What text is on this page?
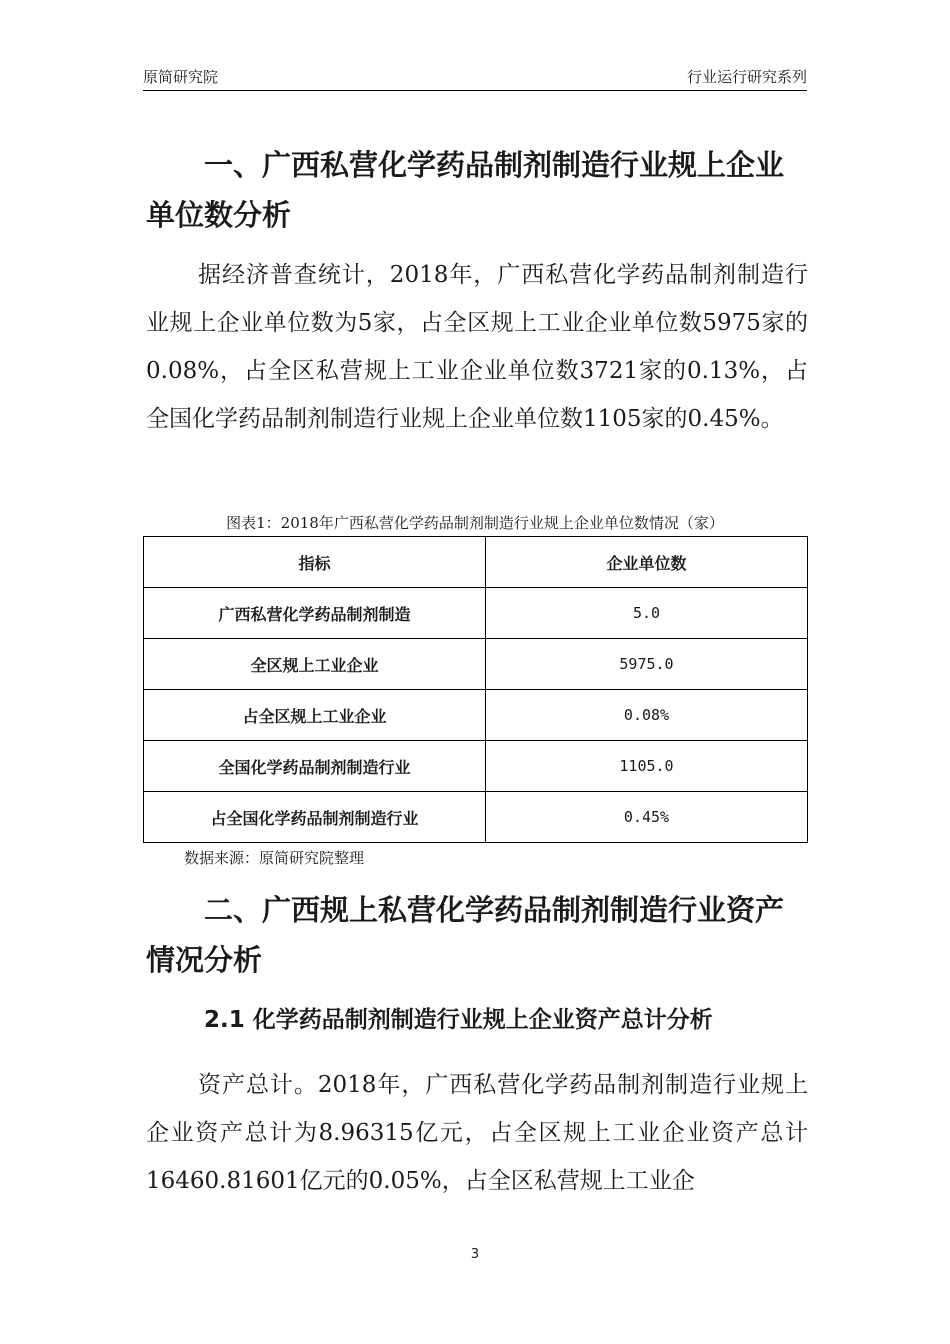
原简研究院	行业运行研究系列
一、广西私营化学药品制剂制造行业规上企业单位数分析

据经济普查统计，2018年，广西私营化学药品制剂制造行业规上企业单位数为5家，占全区规上工业企业单位数5975家的0.08%，占全区私营规上工业企业单位数3721家的0.13%，占全国化学药品制剂制造行业规上企业单位数1105家的0.45%。

图表1：2018年广西私营化学药品制剂制造行业规上企业单位数情况（家）

指标	企业单位数
广西私营化学药品制剂制造	5.0
全区规上工业企业	5975.0
占全区规上工业企业	0.08%
全国化学药品制剂制造行业	1105.0
占全国化学药品制剂制造行业	0.45%

数据来源：原简研究院整理

二、广西规上私营化学药品制剂制造行业资产情况分析
2.1 化学药品制剂制造行业规上企业资产总计分析

资产总计。2018年，广西私营化学药品制剂制造行业规上企业资产总计为8.96315亿元，占全区规上工业企业资产总计16460.81601亿元的0.05%，占全区私营规上工业企

3
